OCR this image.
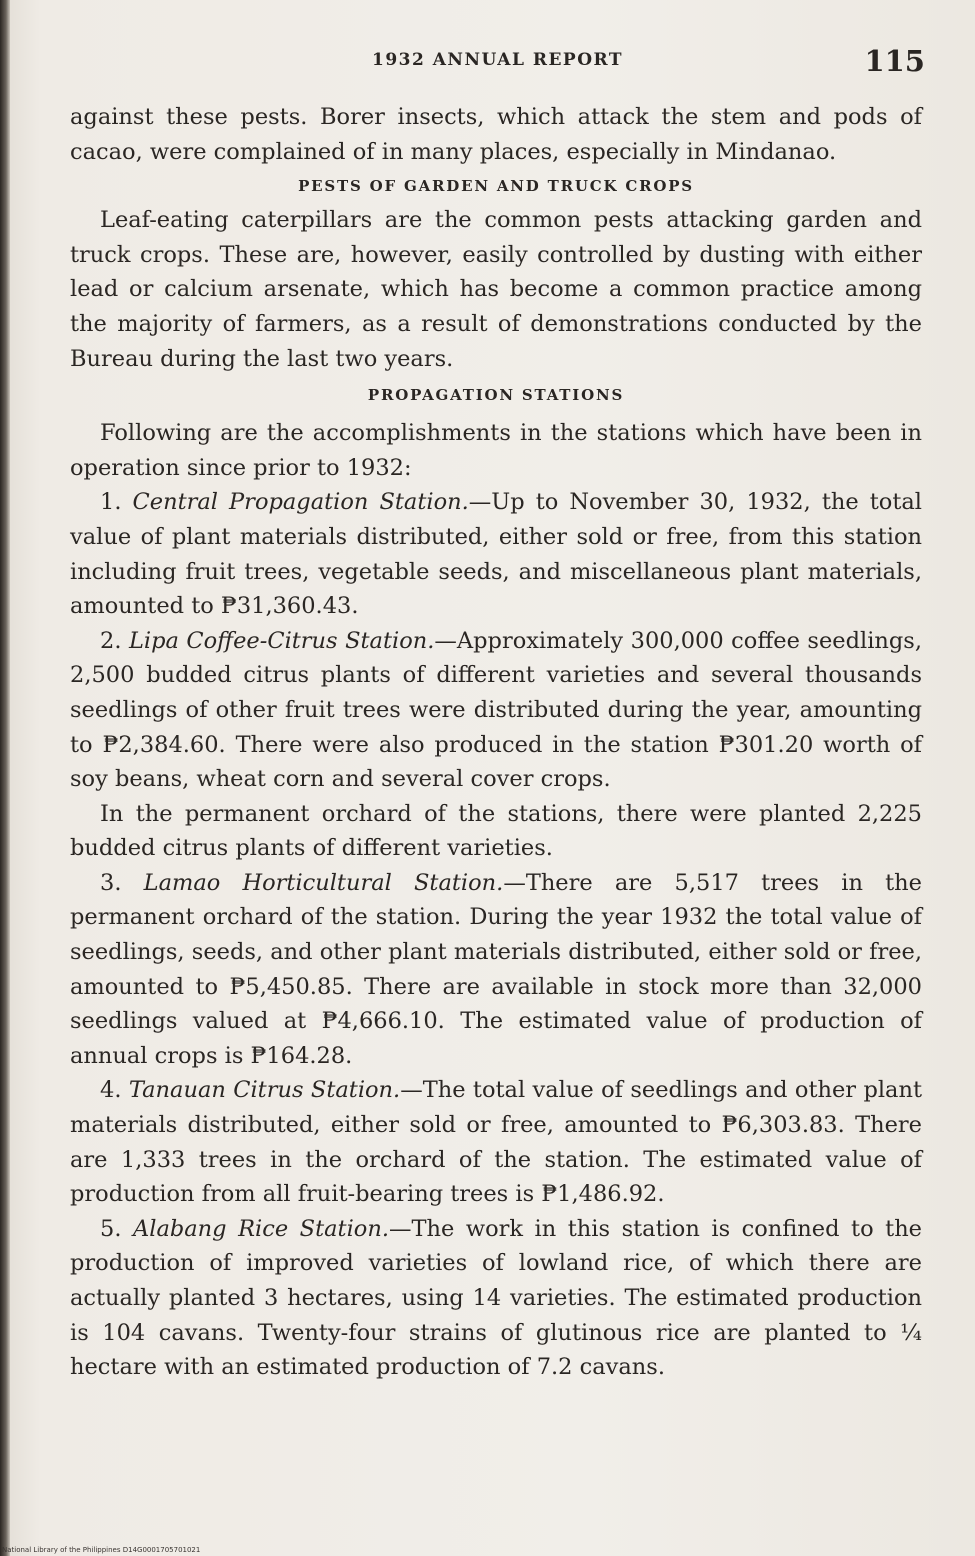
1932 ANNUAL REPORT	115

against these pests. Borer insects, which attack the stem and pods of cacao, were complained of in many places, especially in Mindanao.

PESTS OF GARDEN AND TRUCK CROPS

Leaf-eating caterpillars are the common pests attacking garden and truck crops. These are, however, easily controlled by dusting with either lead or calcium arsenate, which has become a common practice among the majority of farmers, as a result of demonstrations conducted by the Bureau during the last two years.

PROPAGATION STATIONS

Following are the accomplishments in the stations which have been in operation since prior to 1932:

1. Central Propagation Station.—Up to November 30, 1932, the total value of plant materials distributed, either sold or free, from this station including fruit trees, vegetable seeds, and miscellaneous plant materials, amounted to ₱31,360.43.

2. Lipa Coffee-Citrus Station.—Approximately 300,000 coffee seedlings, 2,500 budded citrus plants of different varieties and several thousands seedlings of other fruit trees were distributed during the year, amounting to ₱2,384.60. There were also produced in the station ₱301.20 worth of soy beans, wheat corn and several cover crops.

In the permanent orchard of the stations, there were planted 2,225 budded citrus plants of different varieties.

3. Lamao Horticultural Station.—There are 5,517 trees in the permanent orchard of the station. During the year 1932 the total value of seedlings, seeds, and other plant materials distributed, either sold or free, amounted to ₱5,450.85. There are available in stock more than 32,000 seedlings valued at ₱4,666.10. The estimated value of production of annual crops is ₱164.28.

4. Tanauan Citrus Station.—The total value of seedlings and other plant materials distributed, either sold or free, amounted to ₱6,303.83. There are 1,333 trees in the orchard of the station. The estimated value of production from all fruit-bearing trees is ₱1,486.92.

5. Alabang Rice Station.—The work in this station is confined to the production of improved varieties of lowland rice, of which there are actually planted 3 hectares, using 14 varieties. The estimated production is 104 cavans. Twenty-four strains of glutinous rice are planted to ¼ hectare with an estimated production of 7.2 cavans.

National Library of the Philippines D14G0001705701021
